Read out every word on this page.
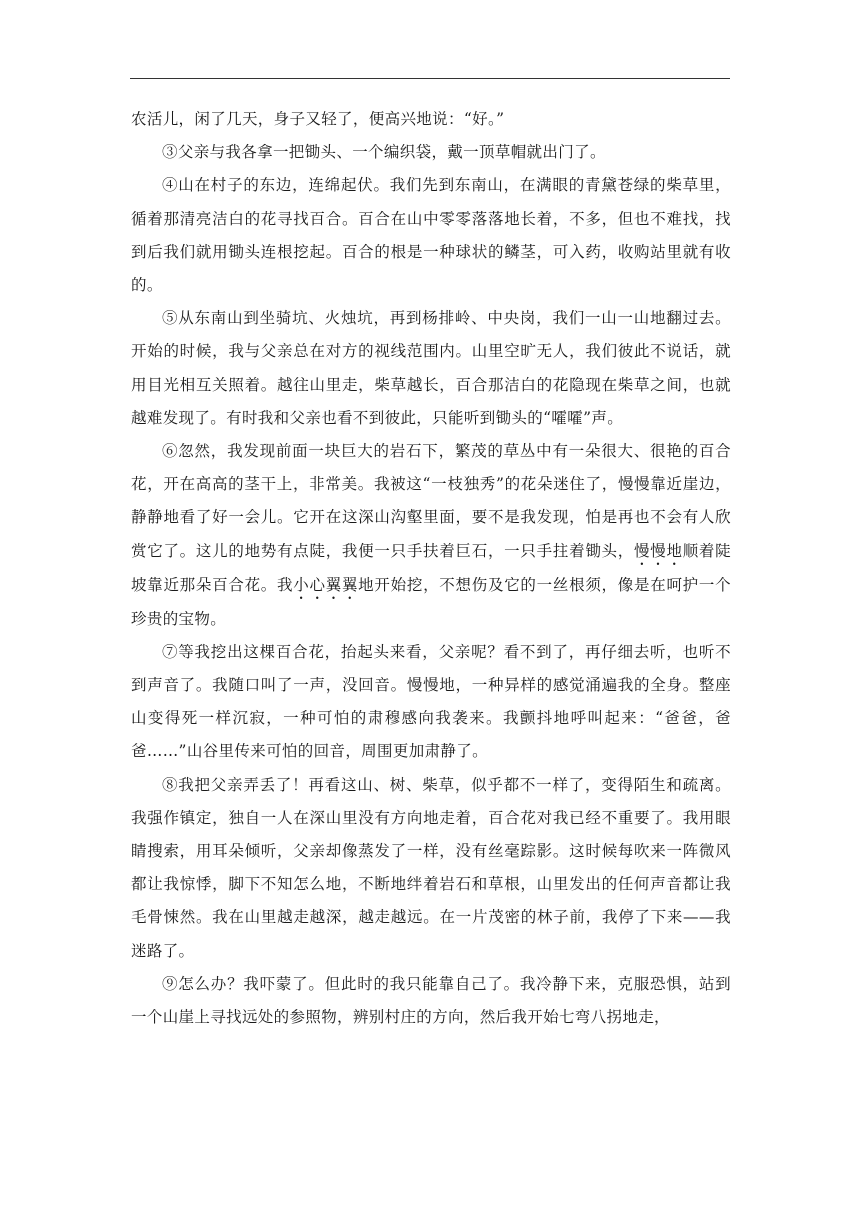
农活儿，闲了几天，身子又轻了，便高兴地说：“好。”

③父亲与我各拿一把锄头、一个编织袋，戴一顶草帽就出门了。

④山在村子的东边，连绵起伏。我们先到东南山，在满眼的青黛苍绿的柴草里，循着那清亮洁白的花寻找百合。百合在山中零零落落地长着，不多，但也不难找，找到后我们就用锄头连根挖起。百合的根是一种球状的鳞茎，可入药，收购站里就有收的。

⑤从东南山到坐骑坑、火烛坑，再到杨排岭、中央岗，我们一山一山地翻过去。开始的时候，我与父亲总在对方的视线范围内。山里空旷无人，我们彼此不说话，就用目光相互关照着。越往山里走，柴草越长，百合那洁白的花隐现在柴草之间，也就越难发现了。有时我和父亲也看不到彼此，只能听到锄头的“嚯嚯”声。

⑥忽然，我发现前面一块巨大的岩石下，繁茂的草丛中有一朵很大、很艳的百合花，开在高高的茎干上，非常美。我被这“一枝独秀”的花朵迷住了，慢慢靠近崖边，静静地看了好一会儿。它开在这深山沟壑里面，要不是我发现，怕是再也不会有人欣赏它了。这儿的地势有点陡，我便一只手扶着巨石，一只手拄着锄头，慢慢地顺着陡坡靠近那朵百合花。我小心翼翼地开始挖，不想伤及它的一丝根须，像是在呵护一个珍贵的宝物。

⑦等我挖出这棵百合花，抬起头来看，父亲呢？看不到了，再仔细去听，也听不到声音了。我随口叫了一声，没回音。慢慢地，一种异样的感觉涌遍我的全身。整座山变得死一样沉寂，一种可怕的肃穆感向我袭来。我颤抖地呼叫起来：“爸爸，爸爸……”山谷里传来可怕的回音，周围更加肃静了。

⑧我把父亲弄丢了！再看这山、树、柴草，似乎都不一样了，变得陌生和疏离。我强作镇定，独自一人在深山里没有方向地走着，百合花对我已经不重要了。我用眼睛搜索，用耳朵倾听，父亲却像蒸发了一样，没有丝毫踪影。这时候每吹来一阵微风都让我惊悸，脚下不知怎么地，不断地绊着岩石和草根，山里发出的任何声音都让我毛骨悚然。我在山里越走越深，越走越远。在一片茂密的林子前，我停了下来——我迷路了。

⑨怎么办？我吓蒙了。但此时的我只能靠自己了。我冷静下来，克服恐惧，站到一个山崖上寻找远处的参照物，辨别村庄的方向，然后我开始七弯八拐地走，
